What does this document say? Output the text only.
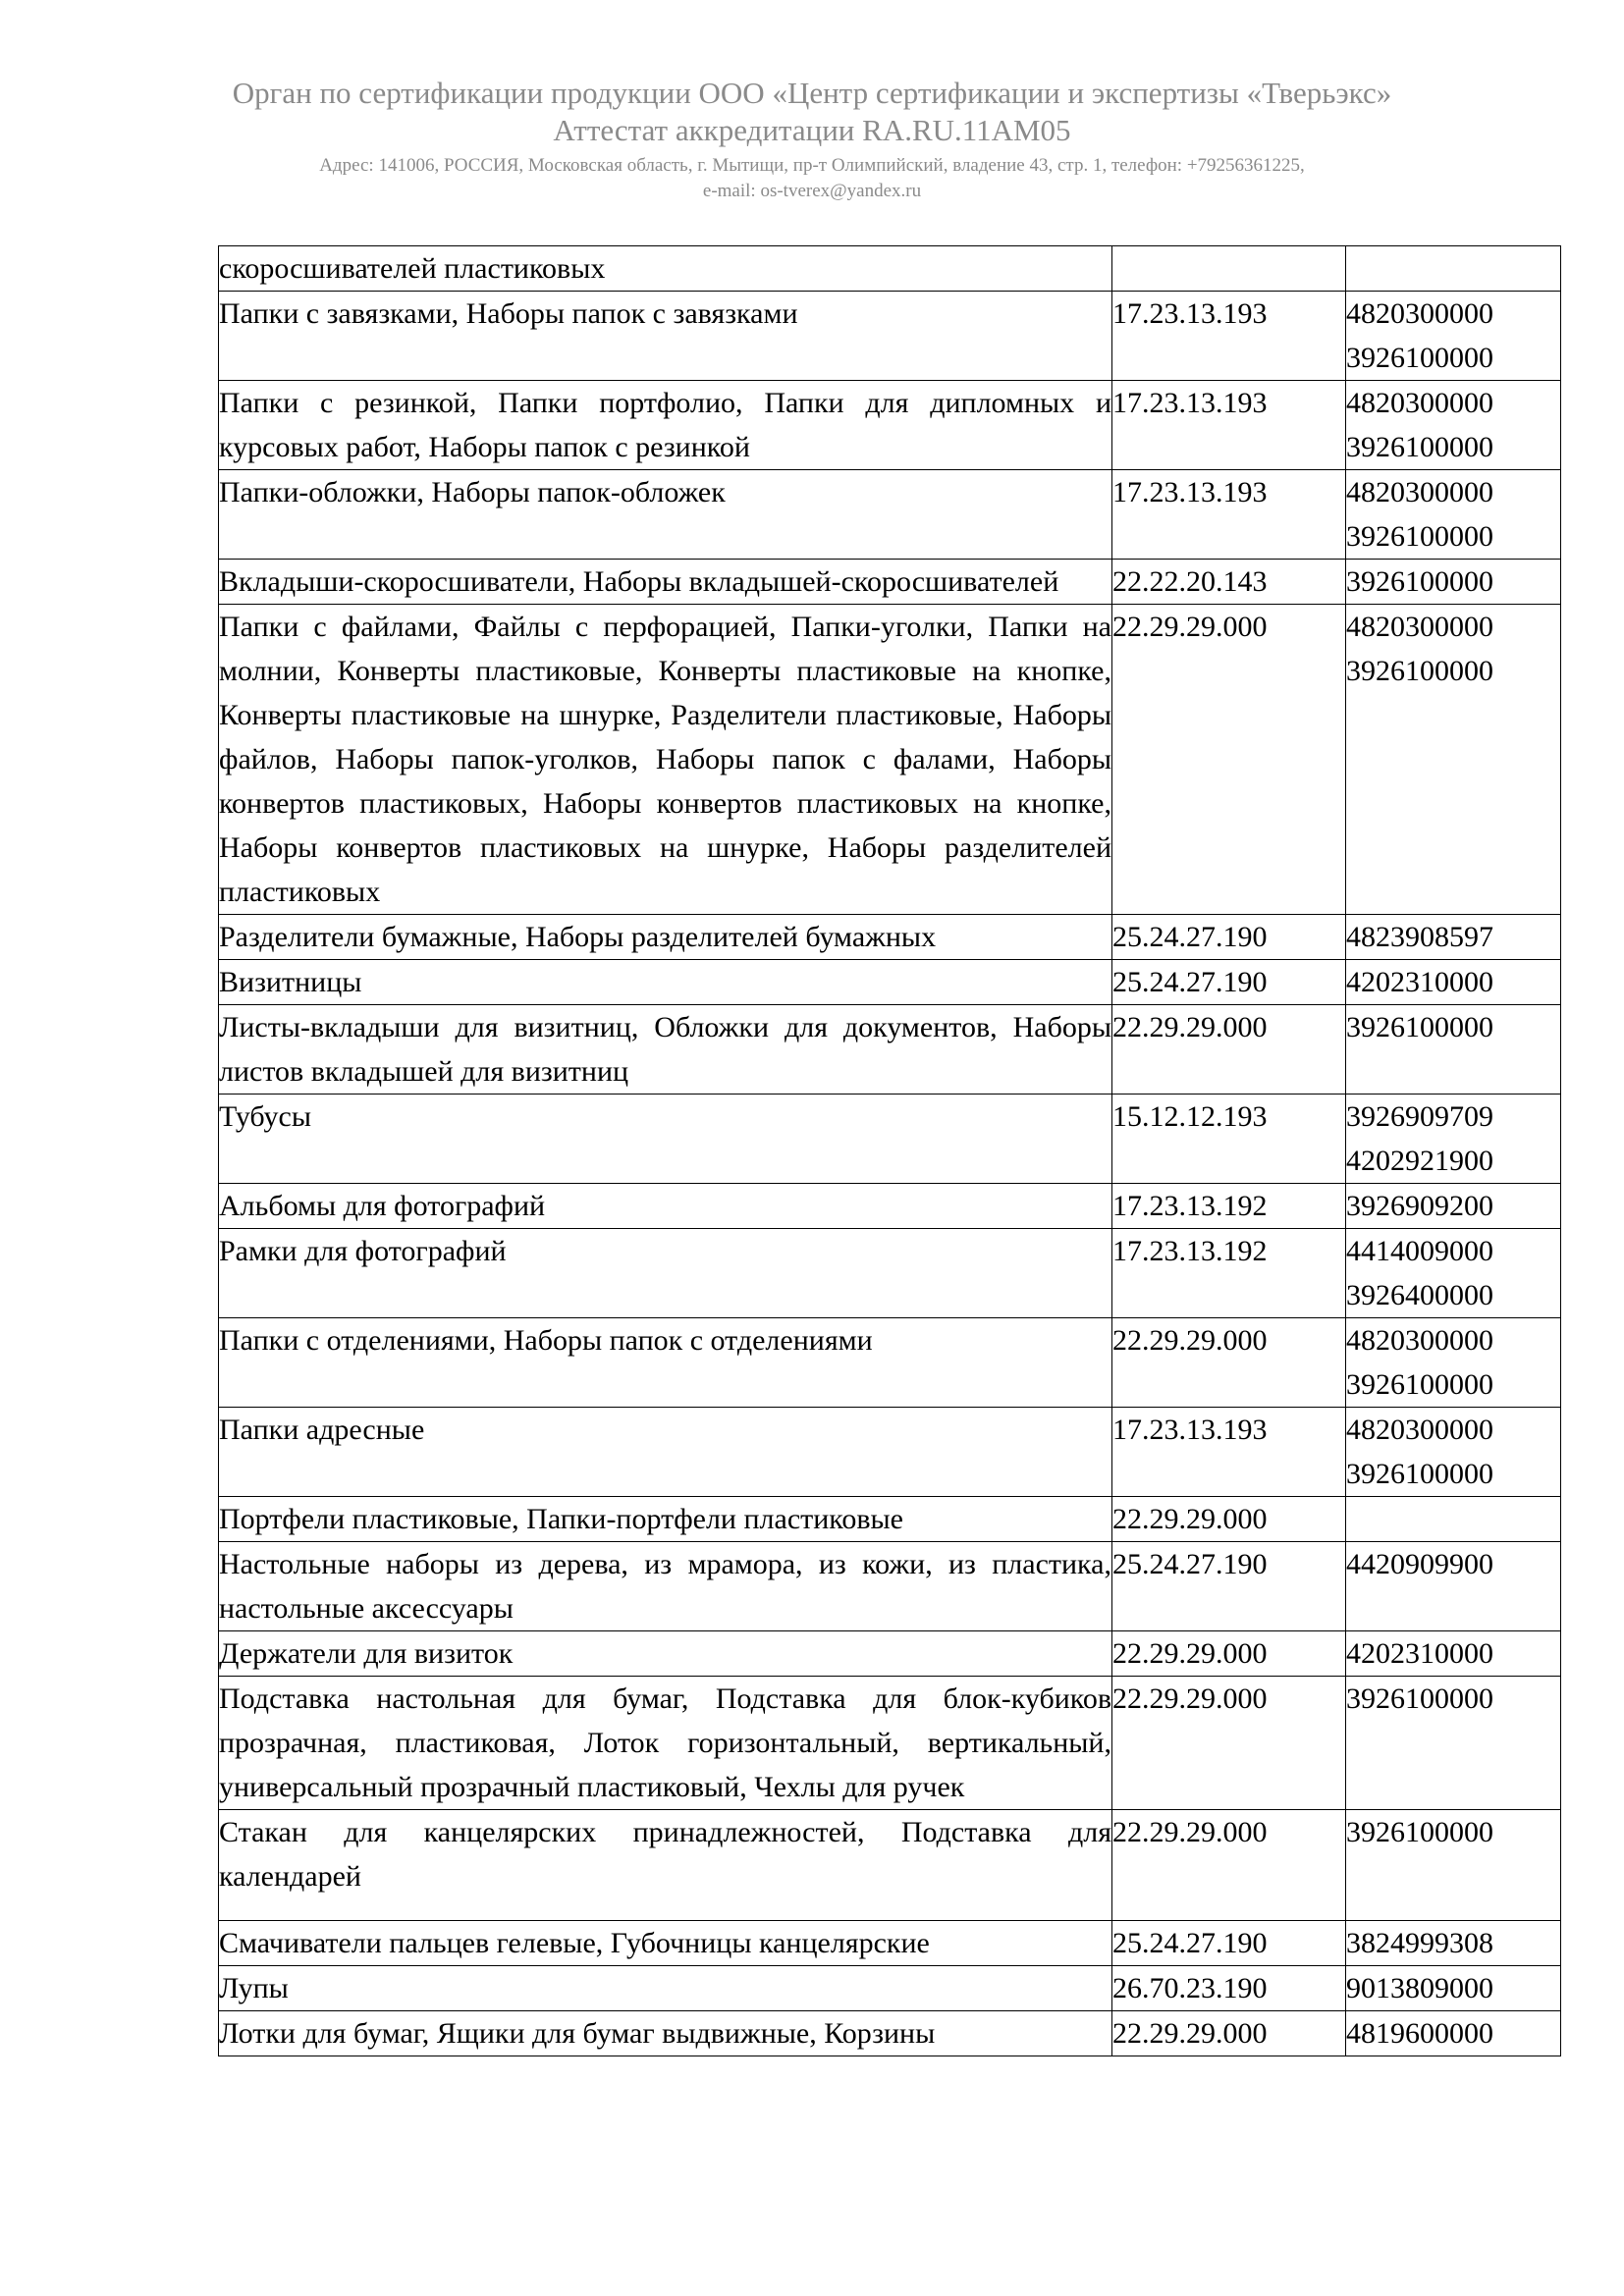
Орган по сертификации продукции ООО «Центр сертификации и экспертизы «Тверьэкс»

Аттестат аккредитации RA.RU.11АМ05

Адрес: 141006, РОССИЯ, Московская область, г. Мытищи, пр-т Олимпийский, владение 43, стр. 1, телефон: +79256361225,

e-mail: os-tverex@yandex.ru

скоросшивателей пластиковых		
Папки с завязками, Наборы папок с завязками	17.23.13.193	4820300000
3926100000

Папки с резинкой, Папки портфолио, Папки для дипломных и курсовых работ, Наборы папок с резинкой	17.23.13.193	4820300000
3926100000

Папки-обложки, Наборы папок-обложек	17.23.13.193	4820300000
3926100000

Вкладыши-скоросшиватели, Наборы вкладышей-скоросшивателей	22.22.20.143	3926100000

Папки с файлами, Файлы с перфорацией, Папки-уголки, Папки на молнии, Конверты пластиковые, Конверты пластиковые на кнопке, Конверты пластиковые на шнурке, Разделители пластиковые, Наборы файлов, Наборы папок-уголков, Наборы папок с фалами, Наборы конвертов пластиковых, Наборы конвертов пластиковых на кнопке, Наборы конвертов пластиковых на шнурке, Наборы разделителей пластиковых	22.29.29.000	4820300000
3926100000

Разделители бумажные, Наборы разделителей бумажных	25.24.27.190	4823908597

Визитницы	25.24.27.190	4202310000

Листы-вкладыши для визитниц, Обложки для документов, Наборы листов вкладышей для визитниц	22.29.29.000	3926100000

Тубусы	15.12.12.193	3926909709
4202921900

Альбомы для фотографий	17.23.13.192	3926909200

Рамки для фотографий	17.23.13.192	4414009000
3926400000

Папки с отделениями, Наборы папок с отделениями	22.29.29.000	4820300000
3926100000

Папки адресные	17.23.13.193	4820300000
3926100000

Портфели пластиковые, Папки-портфели пластиковые	22.29.29.000	
Настольные наборы из дерева, из мрамора, из кожи, из пластика, настольные аксессуары	25.24.27.190	4420909900

Держатели для визиток	22.29.29.000	4202310000

Подставка настольная для бумаг, Подставка для блок-кубиков прозрачная, пластиковая, Лоток горизонтальный, вертикальный, универсальный прозрачный пластиковый, Чехлы для ручек	22.29.29.000	3926100000

Стакан для канцелярских принадлежностей, Подставка для календарей	22.29.29.000	3926100000

Смачиватели пальцев гелевые, Губочницы канцелярские	25.24.27.190	3824999308

Лупы	26.70.23.190	9013809000

Лотки для бумаг, Ящики для бумаг выдвижные, Корзины	22.29.29.000	4819600000
